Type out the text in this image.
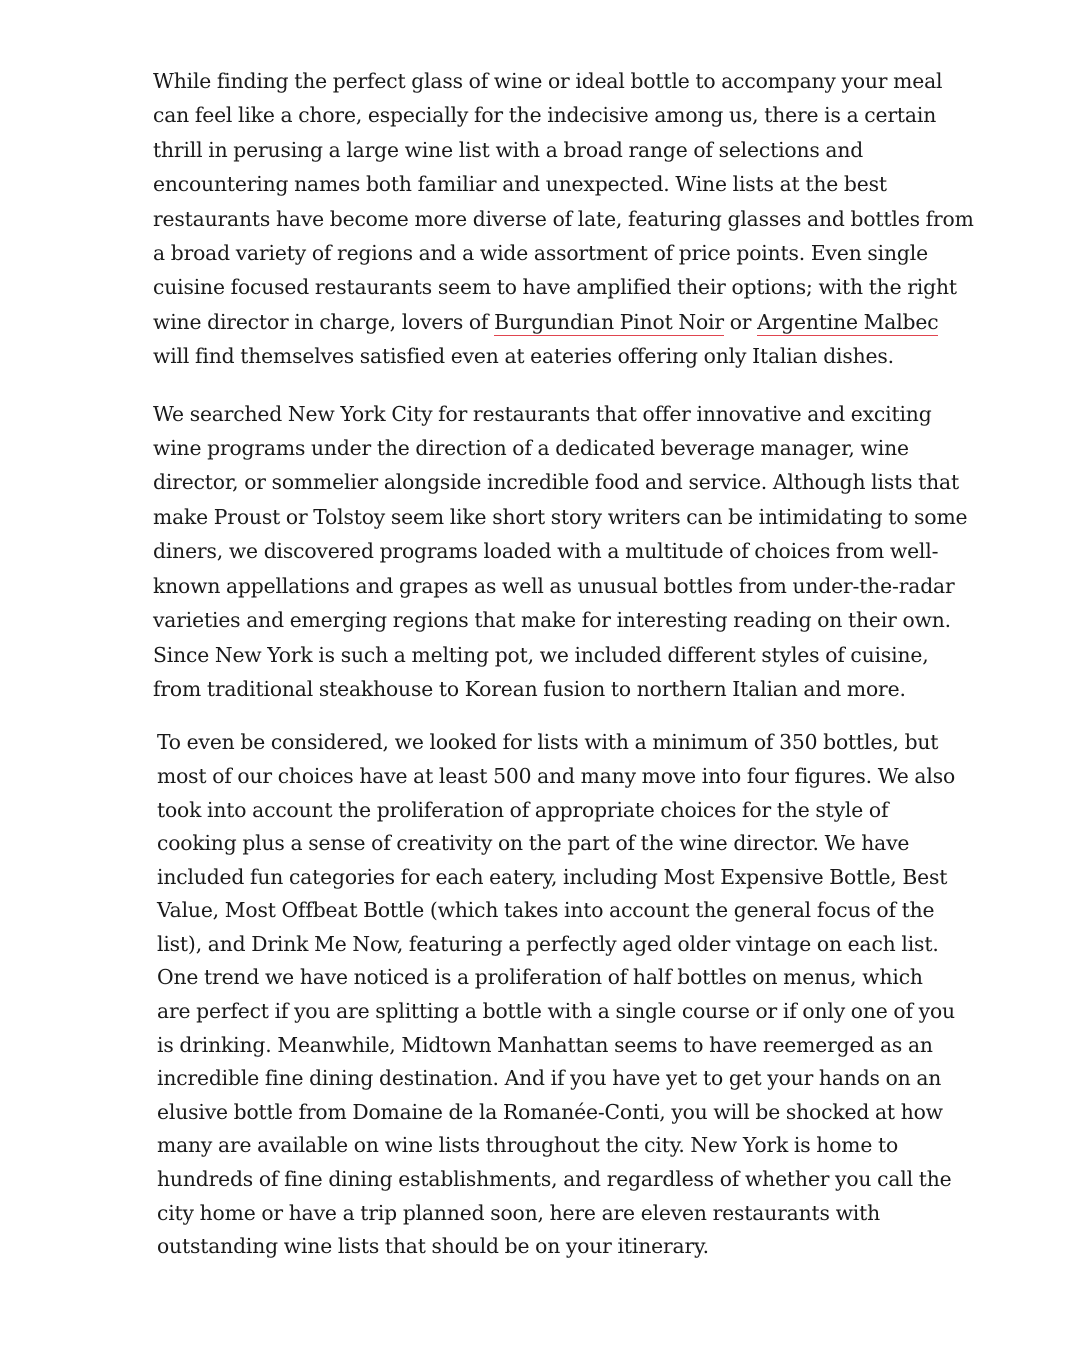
While finding the perfect glass of wine or ideal bottle to accompany your meal can feel like a chore, especially for the indecisive among us, there is a certain thrill in perusing a large wine list with a broad range of selections and encountering names both familiar and unexpected. Wine lists at the best restaurants have become more diverse of late, featuring glasses and bottles from a broad variety of regions and a wide assortment of price points. Even single cuisine focused restaurants seem to have amplified their options; with the right wine director in charge, lovers of Burgundian Pinot Noir or Argentine Malbec will find themselves satisfied even at eateries offering only Italian dishes.

We searched New York City for restaurants that offer innovative and exciting wine programs under the direction of a dedicated beverage manager, wine director, or sommelier alongside incredible food and service. Although lists that make Proust or Tolstoy seem like short story writers can be intimidating to some diners, we discovered programs loaded with a multitude of choices from well-known appellations and grapes as well as unusual bottles from under-the-radar varieties and emerging regions that make for interesting reading on their own. Since New York is such a melting pot, we included different styles of cuisine, from traditional steakhouse to Korean fusion to northern Italian and more.

To even be considered, we looked for lists with a minimum of 350 bottles, but most of our choices have at least 500 and many move into four figures. We also took into account the proliferation of appropriate choices for the style of cooking plus a sense of creativity on the part of the wine director. We have included fun categories for each eatery, including Most Expensive Bottle, Best Value, Most Offbeat Bottle (which takes into account the general focus of the list), and Drink Me Now, featuring a perfectly aged older vintage on each list. One trend we have noticed is a proliferation of half bottles on menus, which are perfect if you are splitting a bottle with a single course or if only one of you is drinking. Meanwhile, Midtown Manhattan seems to have reemerged as an incredible fine dining destination. And if you have yet to get your hands on an elusive bottle from Domaine de la Romanée-Conti, you will be shocked at how many are available on wine lists throughout the city. New York is home to hundreds of fine dining establishments, and regardless of whether you call the city home or have a trip planned soon, here are eleven restaurants with outstanding wine lists that should be on your itinerary.
